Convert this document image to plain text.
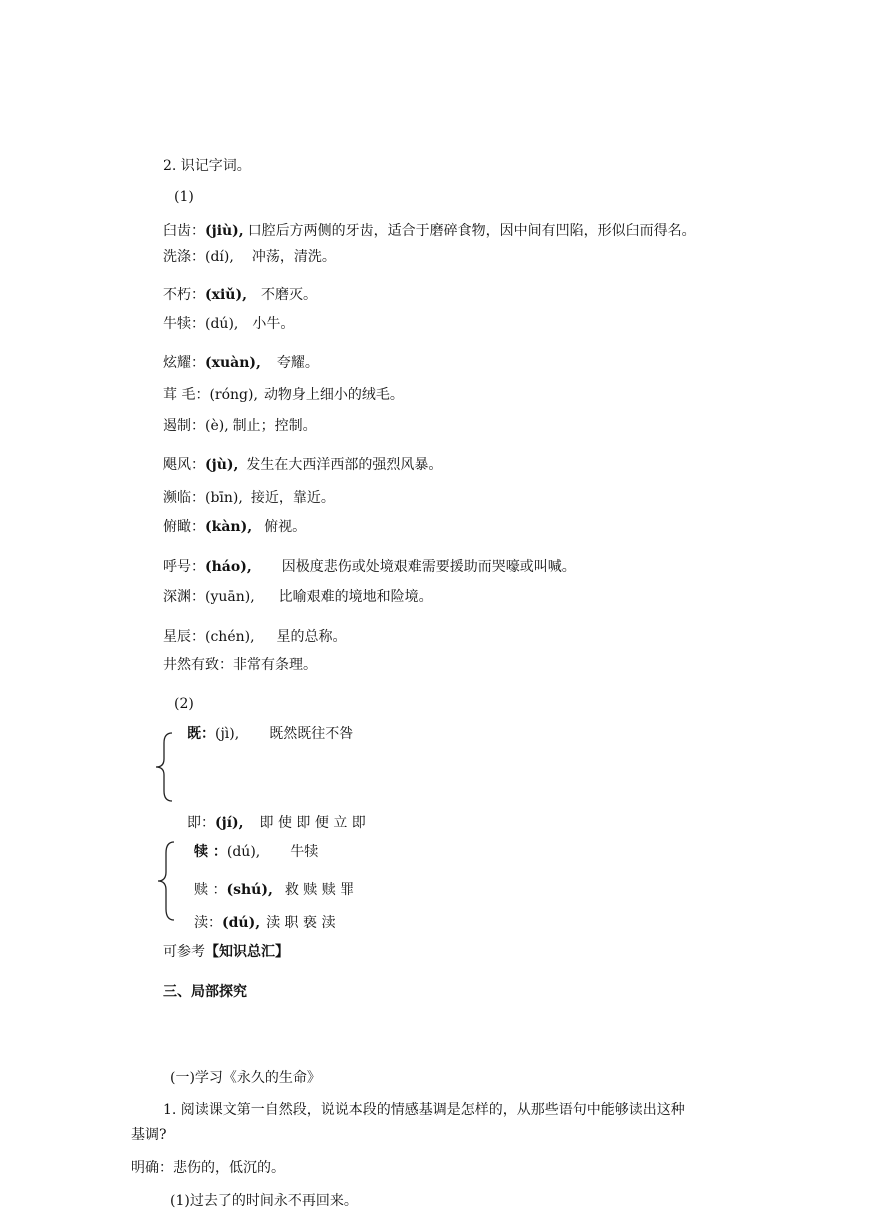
2. 识记字词。
(1)
臼齿：(jiù), 口腔后方两侧的牙齿，适合于磨碎食物，因中间有凹陷，形似臼而得名。
洗涤：(dí), 冲荡，清洗。
不朽：(xiǔ), 不磨灭。
牛犊：(dú), 小牛。
炫耀：(xuàn), 夸耀。
茸 毛：(róng), 动物身上细小的绒毛。
遏制：(è), 制止；控制。
飓风：(jù), 发生在大西洋西部的强烈风暴。
濒临：(bīn), 接近，靠近。
俯瞰：(kàn), 俯视。
呼号：(háo), 因极度悲伤或处境艰难需要援助而哭嚎或叫喊。
深渊：(yuān), 比喻艰难的境地和险境。
星辰：(chén), 星的总称。
井然有致：非常有条理。
(2)
既：(jì), 既然既往不咎
即：(jí), 即 使 即 便 立 即
犊 ：(dú), 牛犊
赎 ：(shú), 救 赎 赎 罪
渎：(dú), 渎 职 亵 渎
可参考【知识总汇】
三、局部探究
(一)学习《永久的生命》
1. 阅读课文第一自然段，说说本段的情感基调是怎样的，从那些语句中能够读出这种
基调?
明确：悲伤的，低沉的。
(1)过去了的时间永不再回来。
